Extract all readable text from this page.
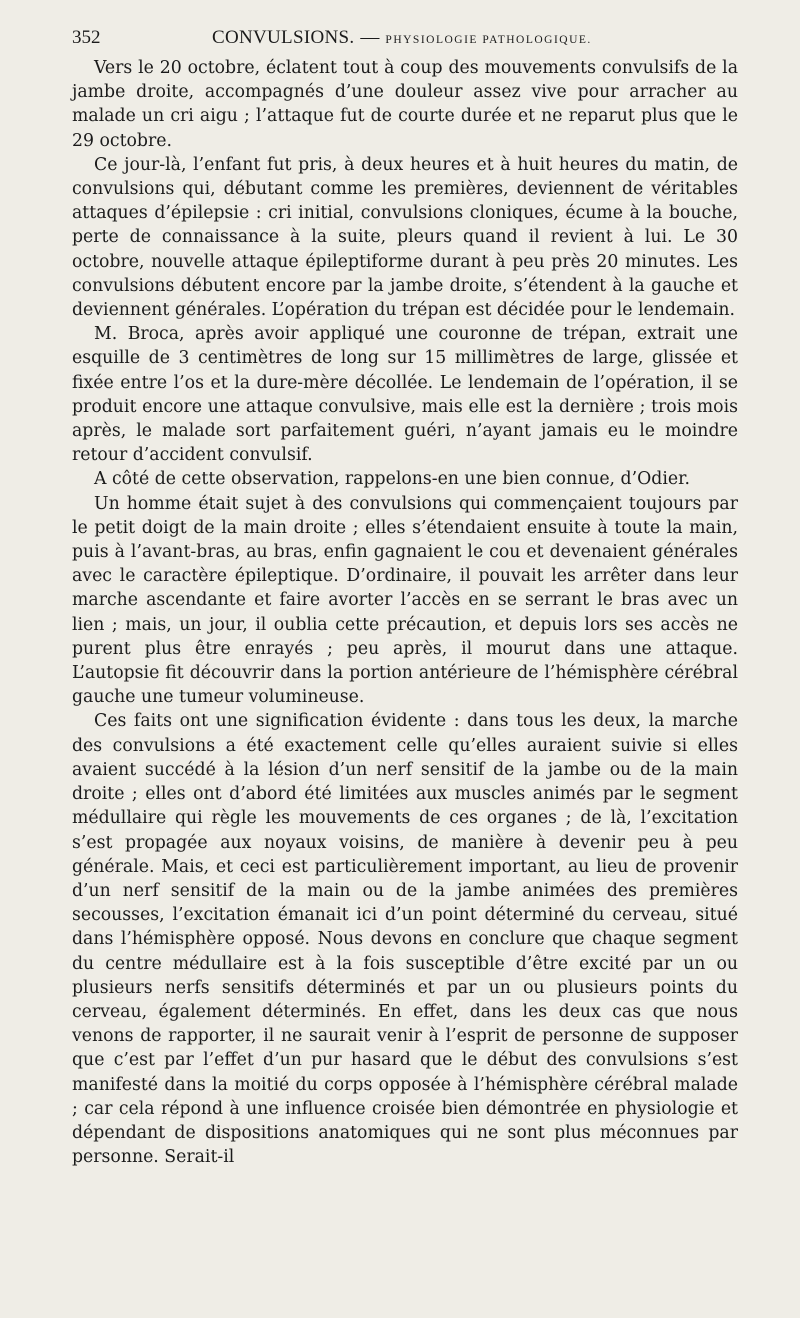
352	CONVULSIONS. — PHYSIOLOGIE PATHOLOGIQUE.

Vers le 20 octobre, éclatent tout à coup des mouvements convulsifs de la jambe droite, accompagnés d’une douleur assez vive pour arracher au malade un cri aigu ; l’attaque fut de courte durée et ne reparut plus que le 29 octobre.

Ce jour-là, l’enfant fut pris, à deux heures et à huit heures du matin, de convulsions qui, débutant comme les premières, deviennent de véritables attaques d’épilepsie : cri initial, convulsions cloniques, écume à la bouche, perte de connaissance à la suite, pleurs quand il revient à lui. Le 30 octobre, nouvelle attaque épileptiforme durant à peu près 20 minutes. Les convulsions débutent encore par la jambe droite, s’étendent à la gauche et deviennent générales. L’opération du trépan est décidée pour le lendemain.

M. Broca, après avoir appliqué une couronne de trépan, extrait une esquille de 3 centimètres de long sur 15 millimètres de large, glissée et fixée entre l’os et la dure-mère décollée. Le lendemain de l’opération, il se produit encore une attaque convulsive, mais elle est la dernière ; trois mois après, le malade sort parfaitement guéri, n’ayant jamais eu le moindre retour d’accident convulsif.

A côté de cette observation, rappelons-en une bien connue, d’Odier.

Un homme était sujet à des convulsions qui commençaient toujours par le petit doigt de la main droite ; elles s’étendaient ensuite à toute la main, puis à l’avant-bras, au bras, enfin gagnaient le cou et devenaient générales avec le caractère épileptique. D’ordinaire, il pouvait les arrêter dans leur marche ascendante et faire avorter l’accès en se serrant le bras avec un lien ; mais, un jour, il oublia cette précaution, et depuis lors ses accès ne purent plus être enrayés ; peu après, il mourut dans une attaque. L’autopsie fit découvrir dans la portion antérieure de l’hémisphère cérébral gauche une tumeur volumineuse.

Ces faits ont une signification évidente : dans tous les deux, la marche des convulsions a été exactement celle qu’elles auraient suivie si elles avaient succédé à la lésion d’un nerf sensitif de la jambe ou de la main droite ; elles ont d’abord été limitées aux muscles animés par le segment médullaire qui règle les mouvements de ces organes ; de là, l’excitation s’est propagée aux noyaux voisins, de manière à devenir peu à peu générale. Mais, et ceci est particulièrement important, au lieu de provenir d’un nerf sensitif de la main ou de la jambe animées des premières secousses, l’excitation émanait ici d’un point déterminé du cerveau, situé dans l’hémisphère opposé. Nous devons en conclure que chaque segment du centre médullaire est à la fois susceptible d’être excité par un ou plusieurs nerfs sensitifs déterminés et par un ou plusieurs points du cerveau, également déterminés. En effet, dans les deux cas que nous venons de rapporter, il ne saurait venir à l’esprit de personne de supposer que c’est par l’effet d’un pur hasard que le début des convulsions s’est manifesté dans la moitié du corps opposée à l’hémisphère cérébral malade ; car cela répond à une influence croisée bien démontrée en physiologie et dépendant de dispositions anatomiques qui ne sont plus méconnues par personne. Serait-il
